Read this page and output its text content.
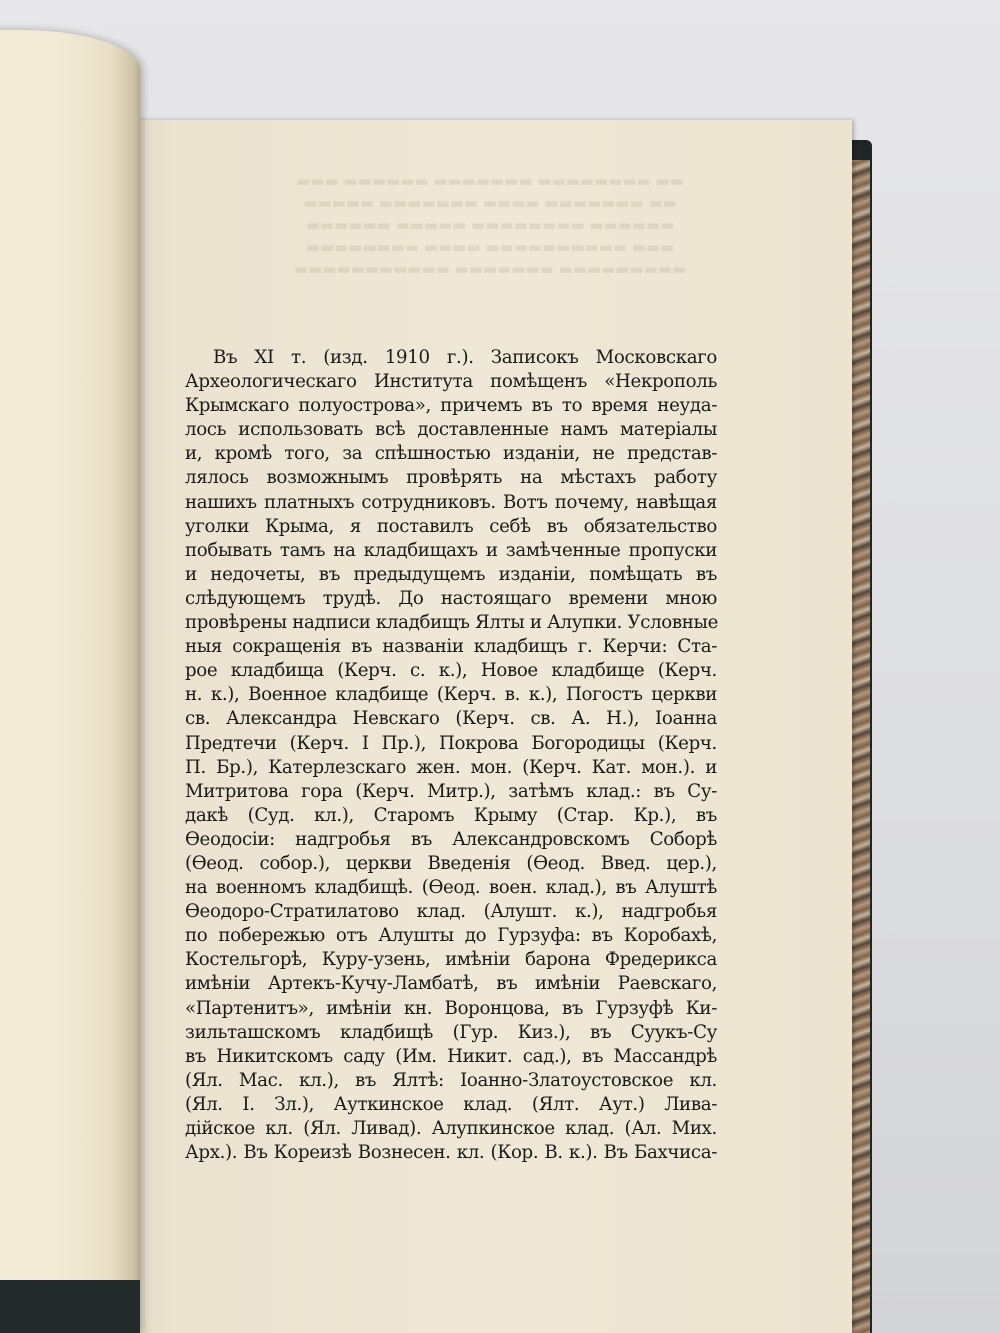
▬▬▬ ▬▬▬▬▬▬ ▬▬▬▬▬▬▬ ▬▬▬▬▬▬▬▬ ▬▬
▬▬▬▬▬ ▬▬▬▬▬▬▬ ▬▬▬▬ ▬▬▬▬▬▬▬ ▬▬
▬▬▬▬▬▬ ▬▬▬▬▬ ▬▬▬▬▬▬▬▬ ▬▬▬▬▬▬
▬▬▬▬▬▬▬▬ ▬▬▬▬ ▬▬▬▬▬▬▬▬▬▬ ▬▬▬
▬▬▬▬▬▬▬▬▬▬▬ ▬▬▬▬▬▬▬ ▬▬▬▬▬▬▬▬▬
Въ XI т. (изд. 1910 г.). Записокъ Московскаго
Археологическаго Института помѣщенъ «Некрополь
Крымскаго полуострова», причемъ въ то время неуда-
лось использовать всѣ доставленные намъ матеріалы
и, кромѣ того, за спѣшностью изданіи, не представ-
лялось возможнымъ провѣрять на мѣстахъ работу
нашихъ платныхъ сотрудниковъ. Вотъ почему, навѣщая
уголки Крыма, я поставилъ себѣ въ обязательство
побывать тамъ на кладбищахъ и замѣченные пропуски
и недочеты, въ предыдущемъ изданіи, помѣщать въ
слѣдующемъ трудѣ. До настоящаго времени мною
провѣрены надписи кладбищъ Ялты и Алупки. Условные
ныя сокращенія въ названіи кладбищъ г. Керчи: Ста-
рое кладбища (Керч. с. к.), Новое кладбище (Керч.
н. к.), Военное кладбище (Керч. в. к.), Погостъ церкви
св. Александра Невскаго (Керч. св. А. Н.), Іоанна
Предтечи (Керч. І Пр.), Покрова Богородицы (Керч.
П. Бр.), Катерлезскаго жен. мон. (Керч. Кат. мон.). и
Митритова гора (Керч. Митр.), затѣмъ клад.: въ Су-
дакѣ (Суд. кл.), Старомъ Крыму (Стар. Кр.), въ
Ѳеодосіи: надгробья въ Александровскомъ Соборѣ
(Ѳеод. собор.), церкви Введенія (Ѳеод. Введ. цер.),
на военномъ кладбищѣ. (Ѳеод. воен. клад.), въ Алуштѣ
Ѳеодоро-Стратилатово клад. (Алушт. к.), надгробья
по побережью отъ Алушты до Гурзуфа: въ Коробахѣ,
Костельгорѣ, Куру-узень, имѣніи барона Фредерикса
имѣніи Артекъ-Кучу-Ламбатѣ, въ имѣніи Раевскаго,
«Партенитъ», имѣніи кн. Воронцова, въ Гурзуфѣ Ки-
зильташскомъ кладбищѣ (Гур. Киз.), въ Суукъ-Су
въ Никитскомъ саду (Им. Никит. сад.), въ Массандрѣ
(Ял. Мас. кл.), въ Ялтѣ: Іоанно-Златоустовское кл.
(Ял. І. Зл.), Ауткинское клад. (Ялт. Аут.) Лива-
дійское кл. (Ял. Ливад). Алупкинское клад. (Ал. Мих.
Арх.). Въ Кореизѣ Вознесен. кл. (Кор. В. к.). Въ Бахчиса-
